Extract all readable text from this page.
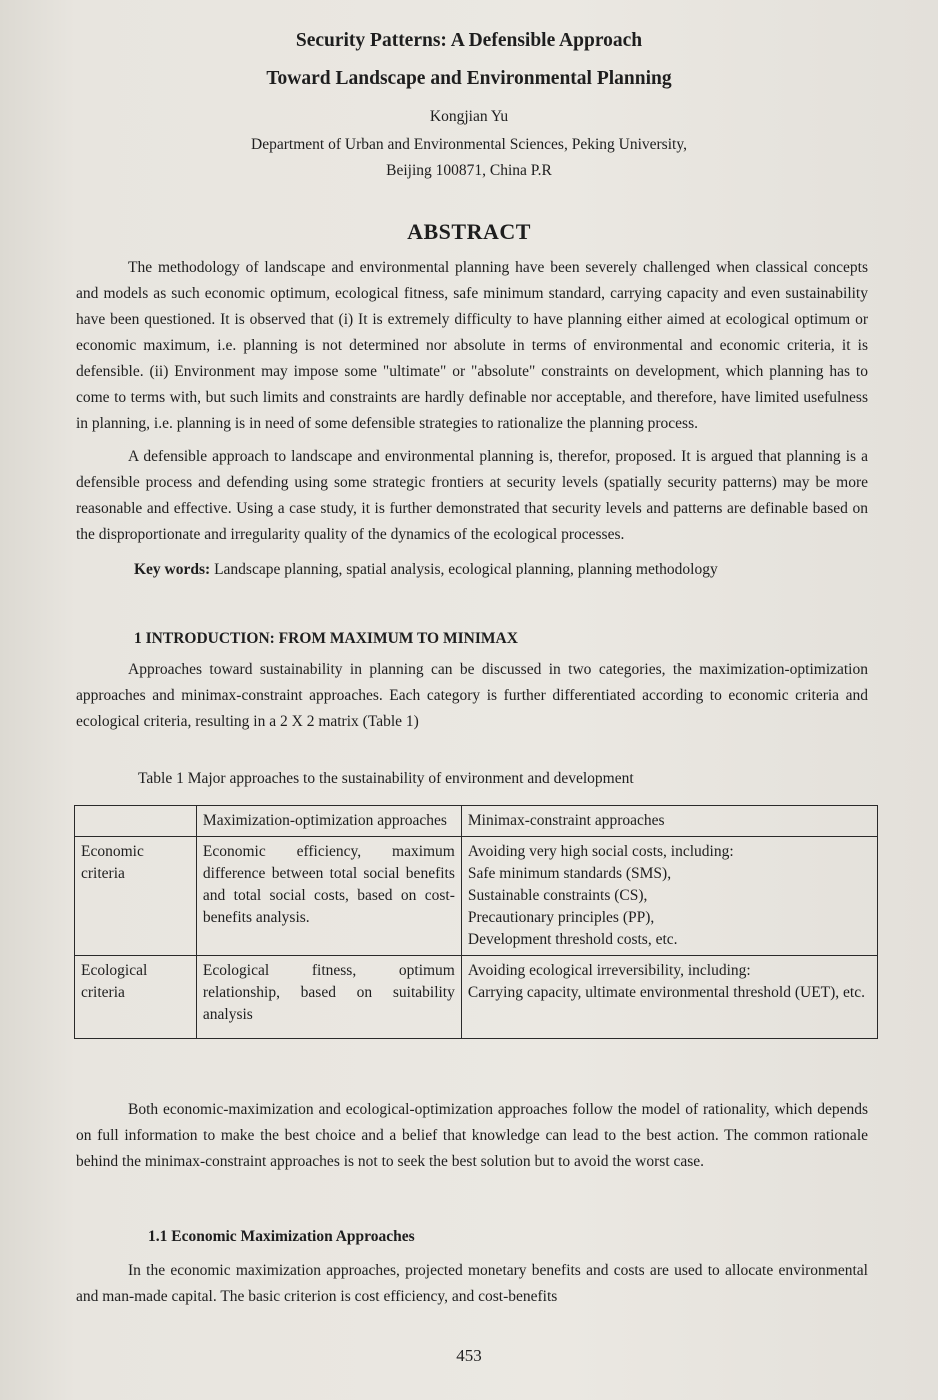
Security Patterns: A Defensible Approach
Toward Landscape and Environmental Planning
Kongjian Yu
Department of Urban and Environmental Sciences, Peking University,
Beijing 100871, China P.R
ABSTRACT
The methodology of landscape and environmental planning have been severely challenged when classical concepts and models as such economic optimum, ecological fitness, safe minimum standard, carrying capacity and even sustainability have been questioned. It is observed that (i) It is extremely difficulty to have planning either aimed at ecological optimum or economic maximum, i.e. planning is not determined nor absolute in terms of environmental and economic criteria, it is defensible. (ii) Environment may impose some "ultimate" or "absolute" constraints on development, which planning has to come to terms with, but such limits and constraints are hardly definable nor acceptable, and therefore, have limited usefulness in planning, i.e. planning is in need of some defensible strategies to rationalize the planning process.
A defensible approach to landscape and environmental planning is, therefor, proposed. It is argued that planning is a defensible process and defending using some strategic frontiers at security levels (spatially security patterns) may be more reasonable and effective. Using a case study, it is further demonstrated that security levels and patterns are definable based on the disproportionate and irregularity quality of the dynamics of the ecological processes.
Key words: Landscape planning, spatial analysis, ecological planning, planning methodology
1 INTRODUCTION: FROM MAXIMUM TO MINIMAX
Approaches toward sustainability in planning can be discussed in two categories, the maximization-optimization approaches and minimax-constraint approaches. Each category is further differentiated according to economic criteria and ecological criteria, resulting in a 2 X 2 matrix (Table 1)
Table 1 Major approaches to the sustainability of environment and development
	Maximization-optimization approaches	Minimax-constraint approaches
Economic criteria	Economic efficiency, maximum difference between total social benefits and total social costs, based on cost-benefits analysis.	Avoiding very high social costs, including:
Safe minimum standards (SMS),
Sustainable constraints (CS),
Precautionary principles (PP),
Development threshold costs, etc.
Ecological criteria	Ecological fitness, optimum relationship, based on suitability analysis	Avoiding ecological irreversibility, including:
Carrying capacity, ultimate environmental threshold (UET), etc.
Both economic-maximization and ecological-optimization approaches follow the model of rationality, which depends on full information to make the best choice and a belief that knowledge can lead to the best action. The common rationale behind the minimax-constraint approaches is not to seek the best solution but to avoid the worst case.
1.1 Economic Maximization Approaches
In the economic maximization approaches, projected monetary benefits and costs are used to allocate environmental and man-made capital. The basic criterion is cost efficiency, and cost-benefits
453
